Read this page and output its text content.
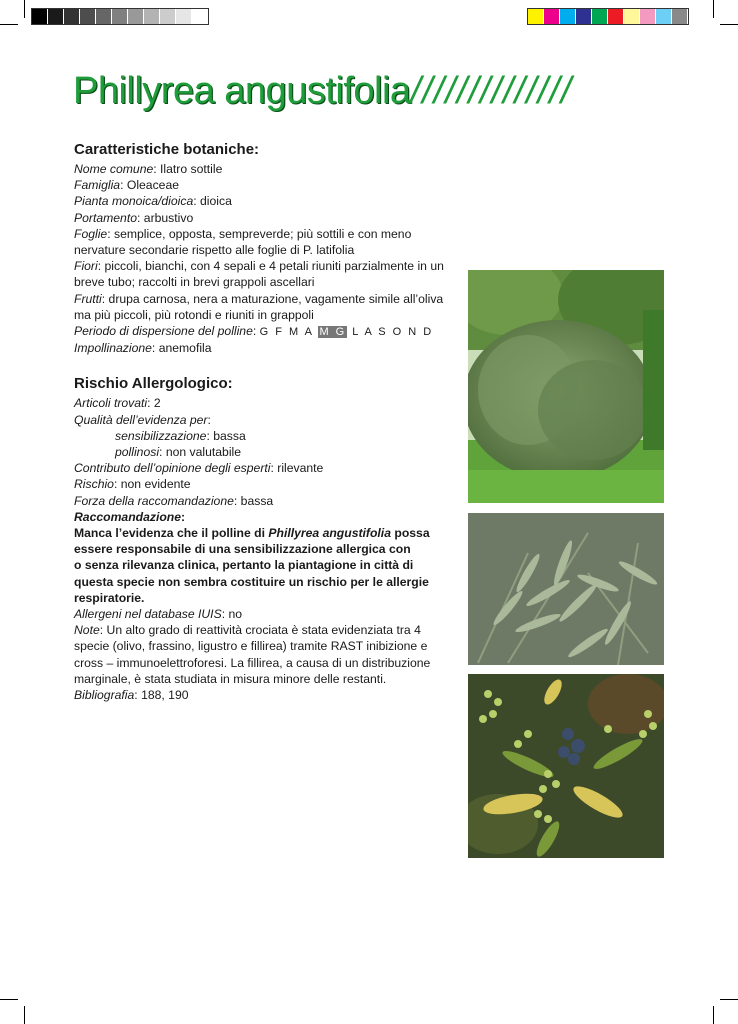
Phillyrea angustifolia//////////////
Caratteristiche botaniche:

Nome comune: Ilatro sottile

Famiglia: Oleaceae

Pianta monoica/dioica: dioica

Portamento: arbustivo

Foglie: semplice, opposta, sempreverde; più sottili e con meno

nervature secondarie rispetto alle foglie di P. latifolia

Fiori: piccoli, bianchi, con 4 sepali e 4 petali riuniti parzialmente in un

breve tubo; raccolti in brevi grappoli ascellari

Frutti: drupa carnosa, nera a maturazione, vagamente simile all’oliva

ma più piccoli, più rotondi e riuniti in grappoli

Periodo di dispersione del polline: G F M A M G L A S O N D

Impollinazione: anemofila

Rischio Allergologico:

Articoli trovati: 2

Qualità dell’evidenza per:

sensibilizzazione: bassa

pollinosi: non valutabile

Contributo dell’opinione degli esperti: rilevante

Rischio: non evidente

Forza della raccomandazione: bassa

Raccomandazione:

Manca l’evidenza che il polline di Phillyrea angustifolia possa

essere responsabile di una sensibilizzazione allergica con

o senza rilevanza clinica, pertanto la piantagione in città di

questa specie non sembra costituire un rischio per le allergie

respiratorie.

Allergeni nel database IUIS: no

Note: Un alto grado di reattività crociata è stata evidenziata tra 4

specie (olivo, frassino, ligustro e fillirea) tramite RAST inibizione e

cross – immunoelettroforesi. La fillirea, a causa di un distribuzione

marginale, è stata studiata in misura minore delle restanti.

Bibliografia: 188, 190
